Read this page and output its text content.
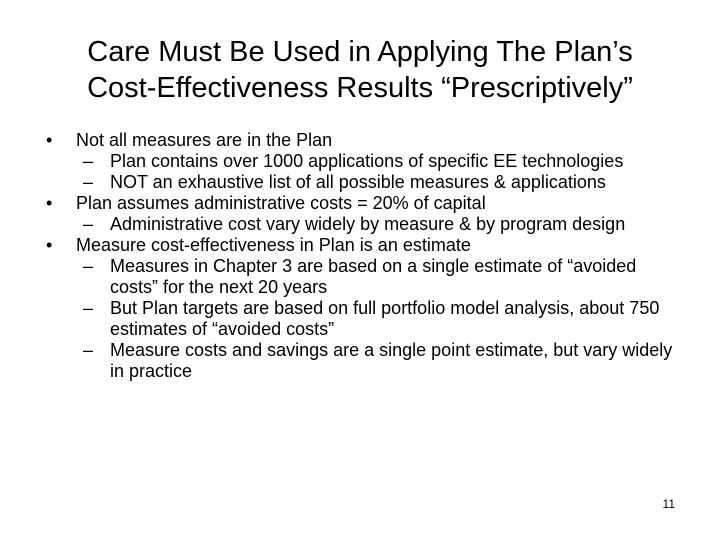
Care Must Be Used in Applying The Plan’s
Cost-Effectiveness Results “Prescriptively”

• Not all measures are in the Plan

– Plan contains over 1000 applications of specific EE technologies

– NOT an exhaustive list of all possible measures & applications

• Plan assumes administrative costs = 20% of capital

– Administrative cost vary widely by measure & by program design

• Measure cost-effectiveness in Plan is an estimate

– Measures in Chapter 3 are based on a single estimate of “avoided costs” for the next 20 years

– But Plan targets are based on full portfolio model analysis, about 750 estimates of “avoided costs”

– Measure costs and savings are a single point estimate, but vary widely in practice

11
